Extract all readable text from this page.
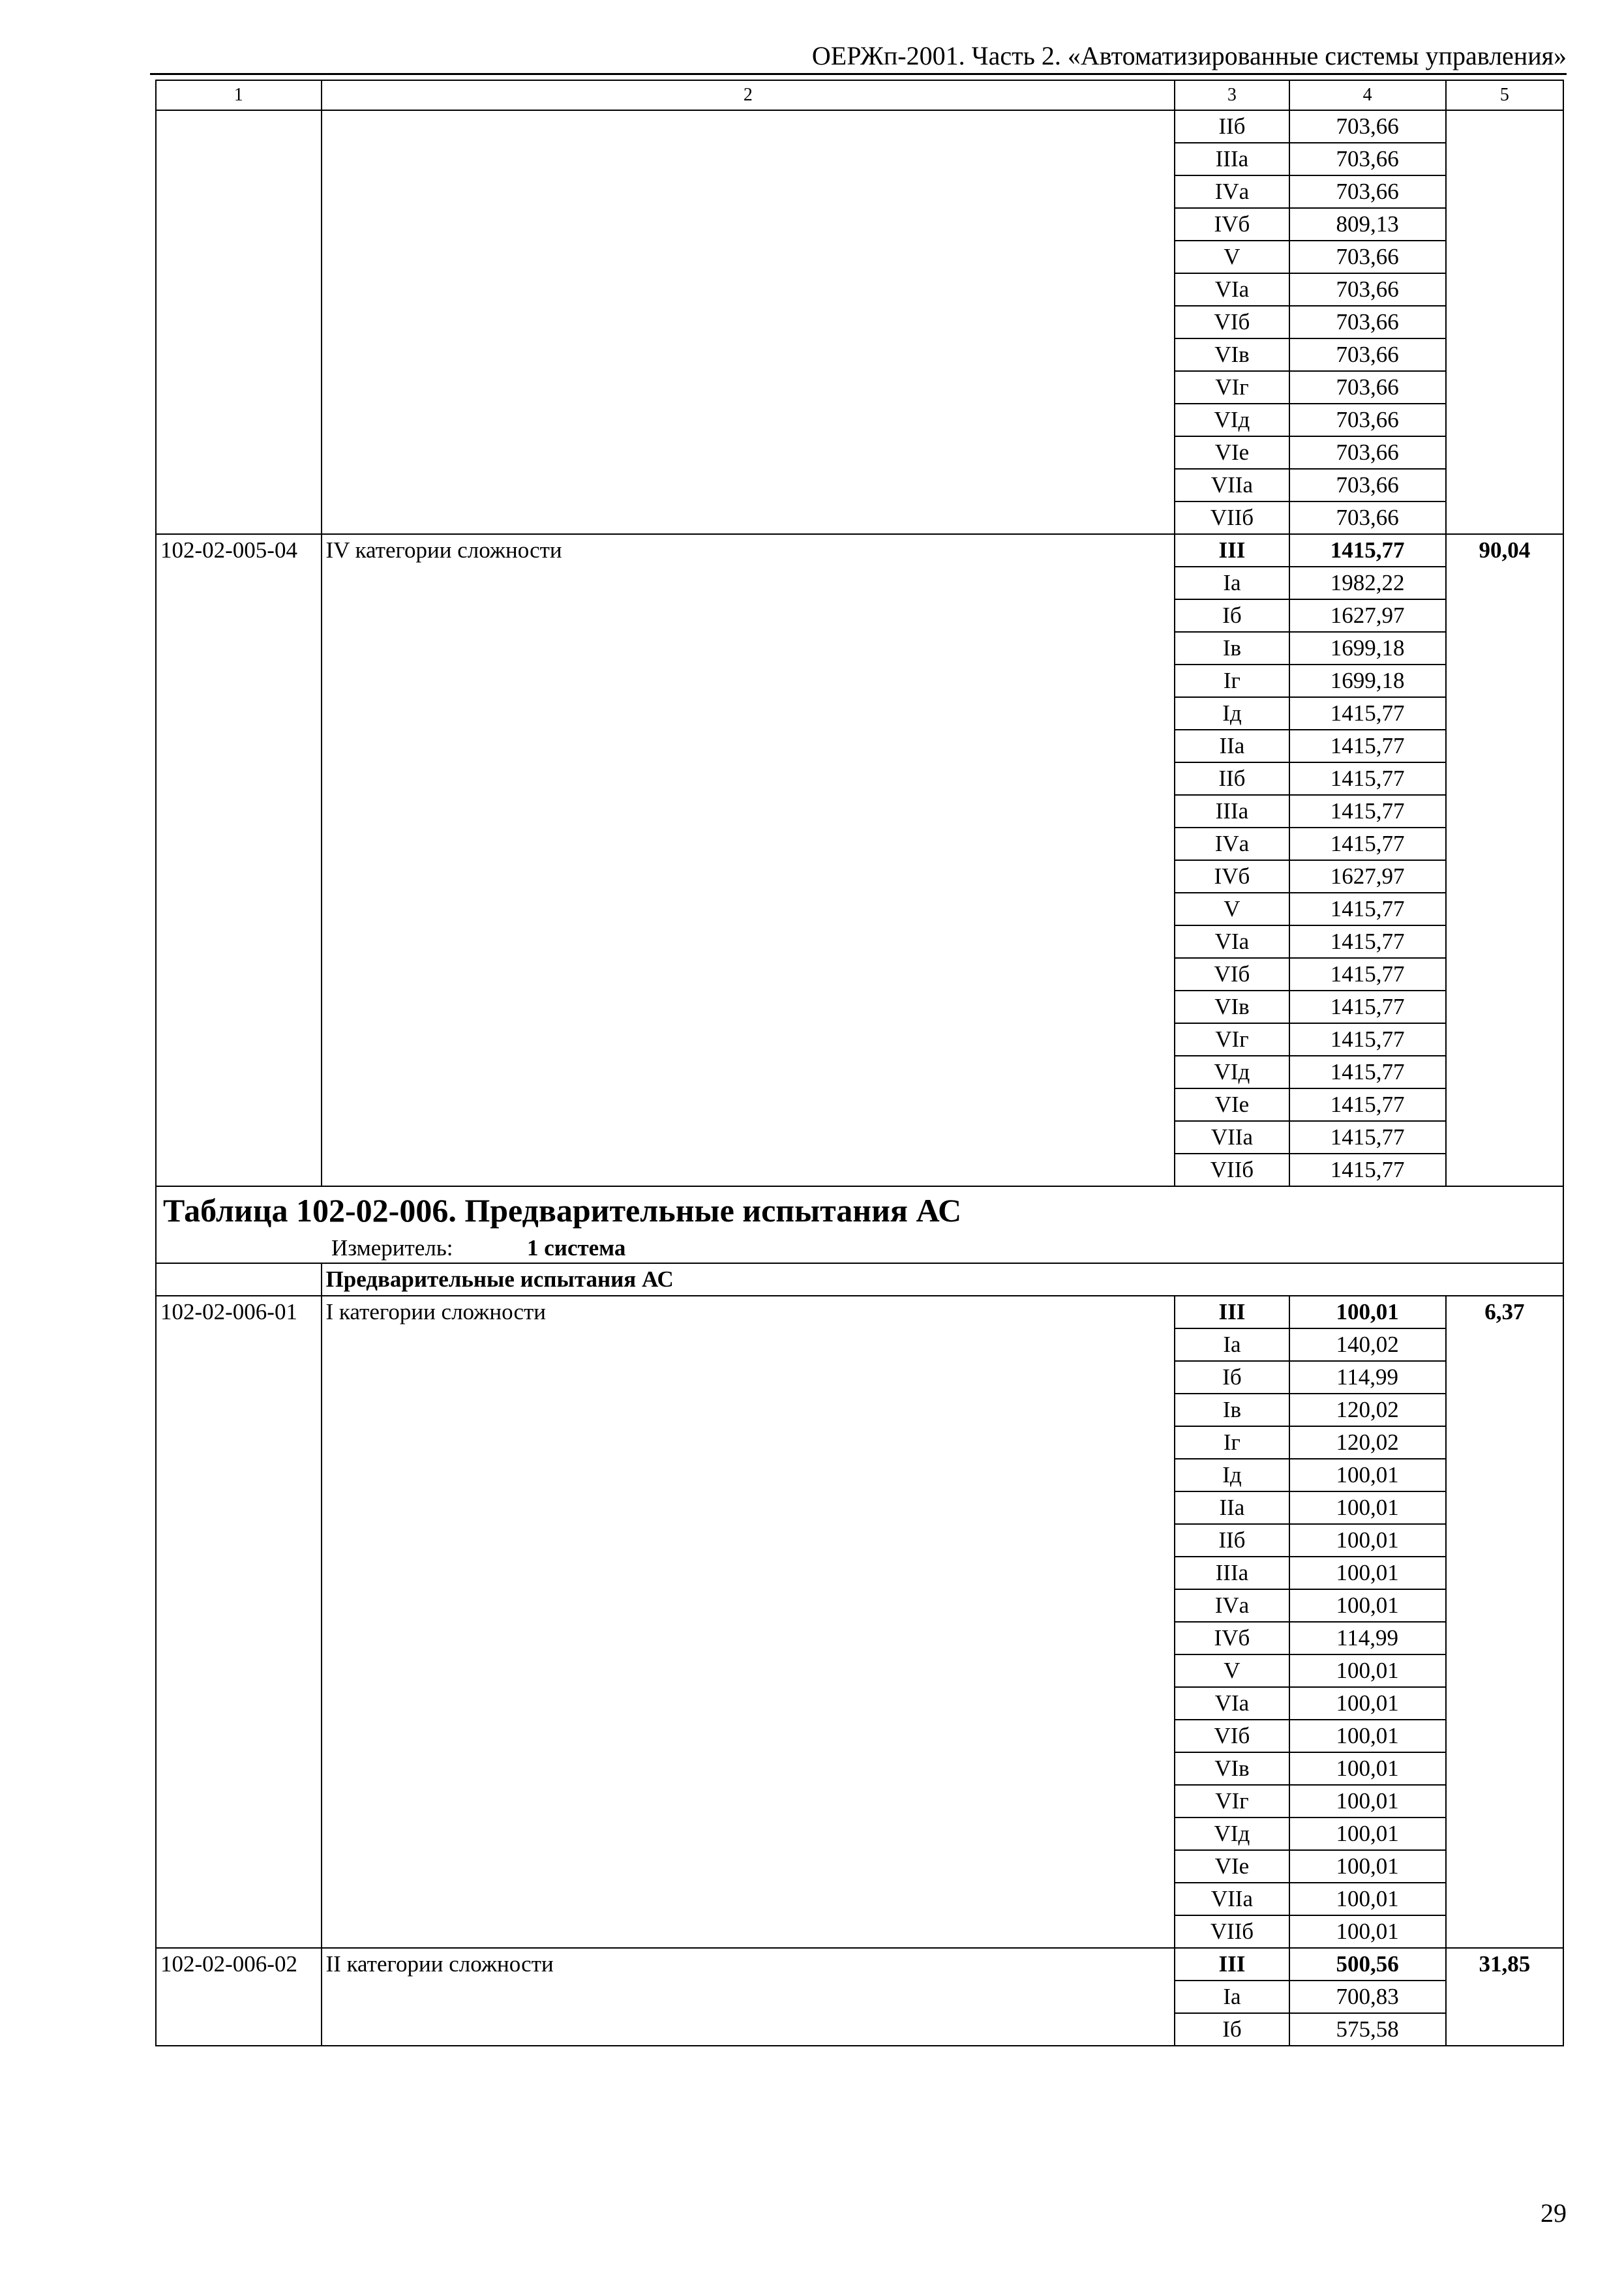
ОЕРЖп-2001. Часть 2. «Автоматизированные системы управления»
1	2	3	4	5
		IIб	703,66	
		IIIа	703,66	
		IVа	703,66	
		IVб	809,13	
		V	703,66	
		VIа	703,66	
		VIб	703,66	
		VIв	703,66	
		VIг	703,66	
		VIд	703,66	
		VIе	703,66	
		VIIа	703,66	
		VIIб	703,66	
102-02-005-04	IV категории сложности	III	1415,77	90,04
		Iа	1982,22	
		Iб	1627,97	
		Iв	1699,18	
		Iг	1699,18	
		Iд	1415,77	
		IIа	1415,77	
		IIб	1415,77	
		IIIа	1415,77	
		IVа	1415,77	
		IVб	1627,97	
		V	1415,77	
		VIа	1415,77	
		VIб	1415,77	
		VIв	1415,77	
		VIг	1415,77	
		VIд	1415,77	
		VIе	1415,77	
		VIIа	1415,77	
		VIIб	1415,77	
Таблица 102-02-006. Предварительные испытания АС				
Измеритель: 1 система				
	Предварительные испытания АС			
102-02-006-01	I категории сложности	III	100,01	6,37
		Iа	140,02	
		Iб	114,99	
		Iв	120,02	
		Iг	120,02	
		Iд	100,01	
		IIа	100,01	
		IIб	100,01	
		IIIа	100,01	
		IVа	100,01	
		IVб	114,99	
		V	100,01	
		VIа	100,01	
		VIб	100,01	
		VIв	100,01	
		VIг	100,01	
		VIд	100,01	
		VIе	100,01	
		VIIа	100,01	
		VIIб	100,01	
102-02-006-02	II категории сложности	III	500,56	31,85
		Iа	700,83	
		Iб	575,58	
29
